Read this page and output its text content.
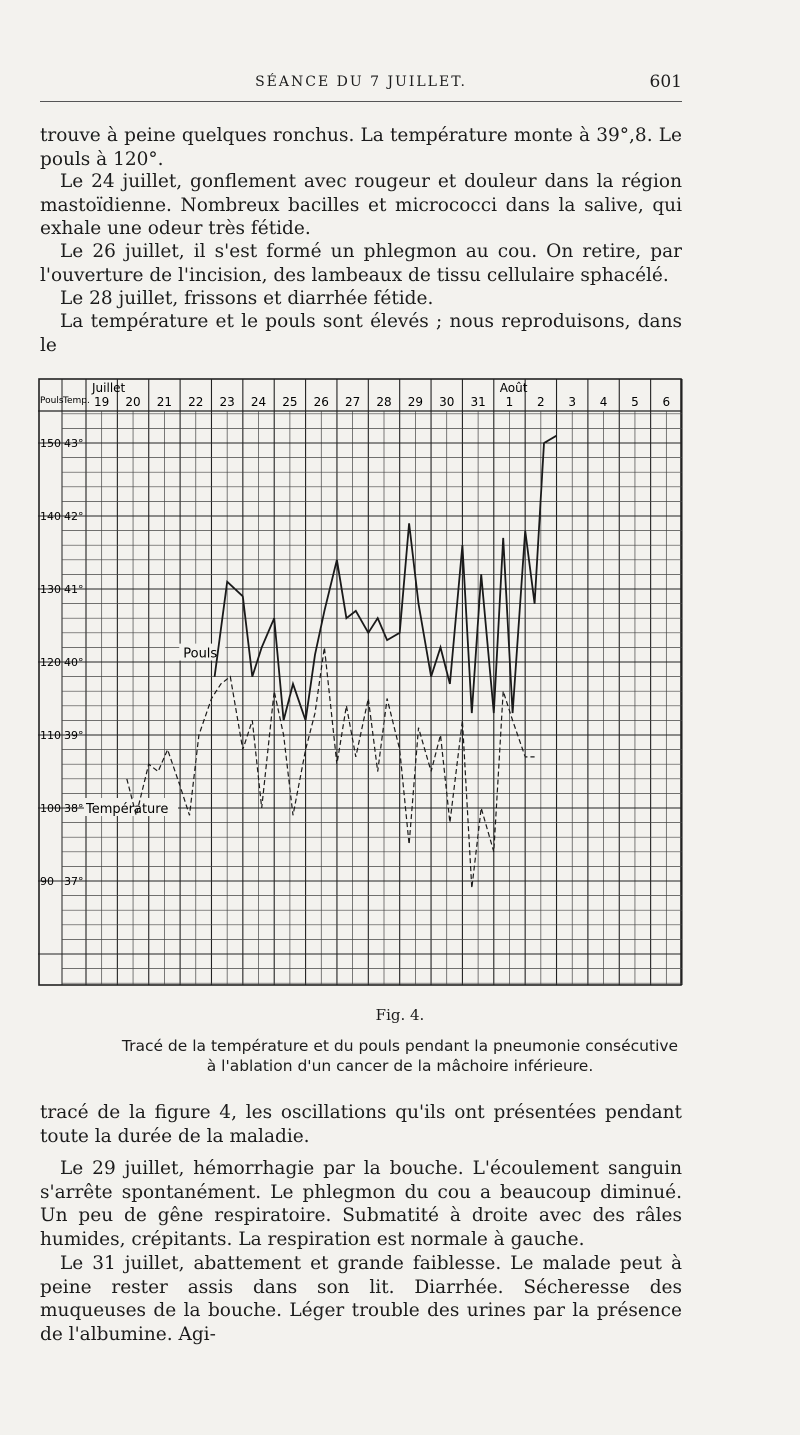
SÉANCE DU 7 JUILLET.	601

trouve à peine quelques ronchus. La température monte à 39°,8. Le pouls à 120°.

Le 24 juillet, gonflement avec rougeur et douleur dans la région mastoïdienne. Nombreux bacilles et micrococci dans la salive, qui exhale une odeur très fétide.

Le 26 juillet, il s'est formé un phlegmon au cou. On retire, par l'ouverture de l'incision, des lambeaux de tissu cellulaire sphacélé.

Le 28 juillet, frissons et diarrhée fétide.

La température et le pouls sont élevés ; nous reproduisons, dans le

Pouls Temp.
Juillet	Août
19 20 21 22 23 24 25 26 27 28 29 30 31 1 2 3 4 5 6
150
140
130
120
110
100
90
43°
42°
41°
40°
39°
38°
37°
Pouls
Température
Fig. 4.
Tracé de la température et du pouls pendant la pneumonie consécutive
à l'ablation d'un cancer de la mâchoire inférieure.

tracé de la figure 4, les oscillations qu'ils ont présentées pendant toute la durée de la maladie.

Le 29 juillet, hémorrhagie par la bouche. L'écoulement sanguin s'arrête spontanément. Le phlegmon du cou a beaucoup diminué. Un peu de gêne respiratoire. Submatité à droite avec des râles humides, crépitants. La respiration est normale à gauche.

Le 31 juillet, abattement et grande faiblesse. Le malade peut à peine rester assis dans son lit. Diarrhée. Sécheresse des muqueuses de la bouche. Léger trouble des urines par la présence de l'albumine. Agi-
